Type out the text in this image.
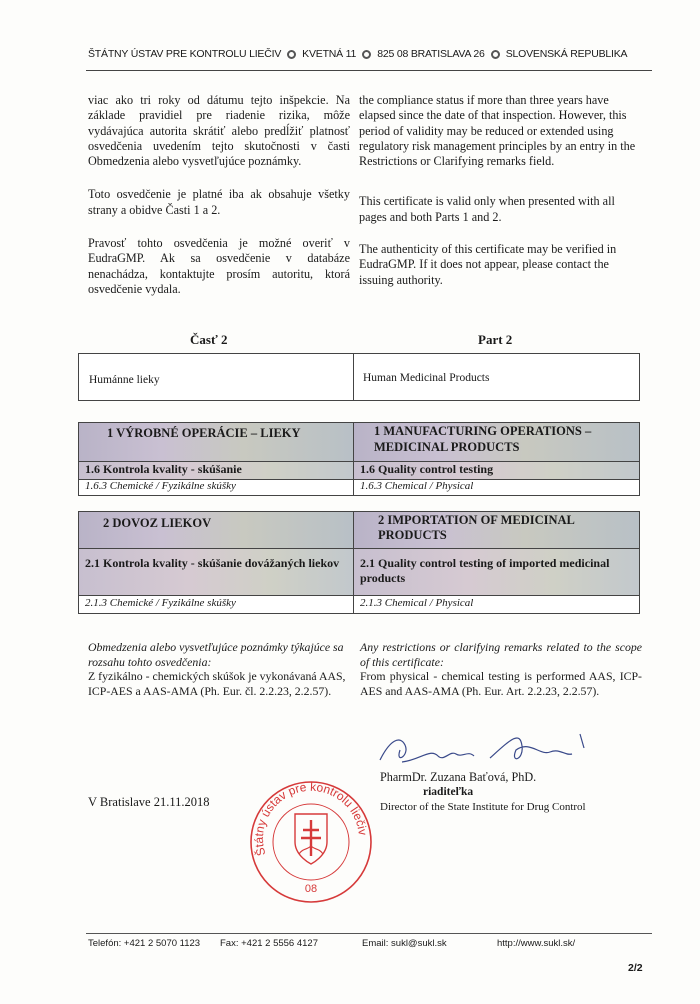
ŠTÁTNY ÚSTAV PRE KONTROLU LIEČIV KVETNÁ 11 825 08 BRATISLAVA 26 SLOVENSKÁ REPUBLIKA

viac ako tri roky od dátumu tejto inšpekcie. Na základe pravidiel pre riadenie rizika, môže vydávajúca autorita skrátiť alebo predĺžiť platnosť osvedčenia uvedením tejto skutočnosti v časti Obmedzenia alebo vysvetľujúce poznámky.

Toto osvedčenie je platné iba ak obsahuje všetky strany a obidve Časti 1 a 2.

Pravosť tohto osvedčenia je možné overiť v EudraGMP. Ak sa osvedčenie v databáze nenachádza, kontaktujte prosím autoritu, ktorá osvedčenie vydala.

the compliance status if more than three years have elapsed since the date of that inspection. However, this period of validity may be reduced or extended using regulatory risk management principles by an entry in the Restrictions or Clarifying remarks field.

This certificate is valid only when presented with all pages and both Parts 1 and 2.

The authenticity of this certificate may be verified in EudraGMP. If it does not appear, please contact the issuing authority.

Časť 2	Part 2
Humánne lieky	Human Medicinal Products
1 VÝROBNÉ OPERÁCIE – LIEKY	1 MANUFACTURING OPERATIONS – MEDICINAL PRODUCTS
1.6 Kontrola kvality - skúšanie	1.6 Quality control testing
1.6.3 Chemické / Fyzikálne skúšky	1.6.3 Chemical / Physical
2 DOVOZ LIEKOV	2 IMPORTATION OF MEDICINAL PRODUCTS
2.1 Kontrola kvality - skúšanie dovážaných liekov	2.1 Quality control testing of imported medicinal products
2.1.3 Chemické / Fyzikálne skúšky	2.1.3 Chemical / Physical
Obmedzenia alebo vysvetľujúce poznámky týkajúce sa rozsahu tohto osvedčenia:
Z fyzikálno - chemických skúšok je vykonávaná AAS, ICP-AES a AAS-AMA (Ph. Eur. čl. 2.2.23, 2.2.57).
Any restrictions or clarifying remarks related to the scope of this certificate:
From physical - chemical testing is performed AAS, ICP-AES and AAS-AMA (Ph. Eur. Art. 2.2.23, 2.2.57).
V Bratislave 21.11.2018
PharmDr. Zuzana Baťová, PhD.
riaditeľka
Director of the State Institute for Drug Control
Štátny ústav pre kontrolu liečiv
08
Telefón: +421 2 5070 1123 Fax: +421 2 5556 4127	Email: sukl@sukl.sk	http://www.sukl.sk/
2/2
